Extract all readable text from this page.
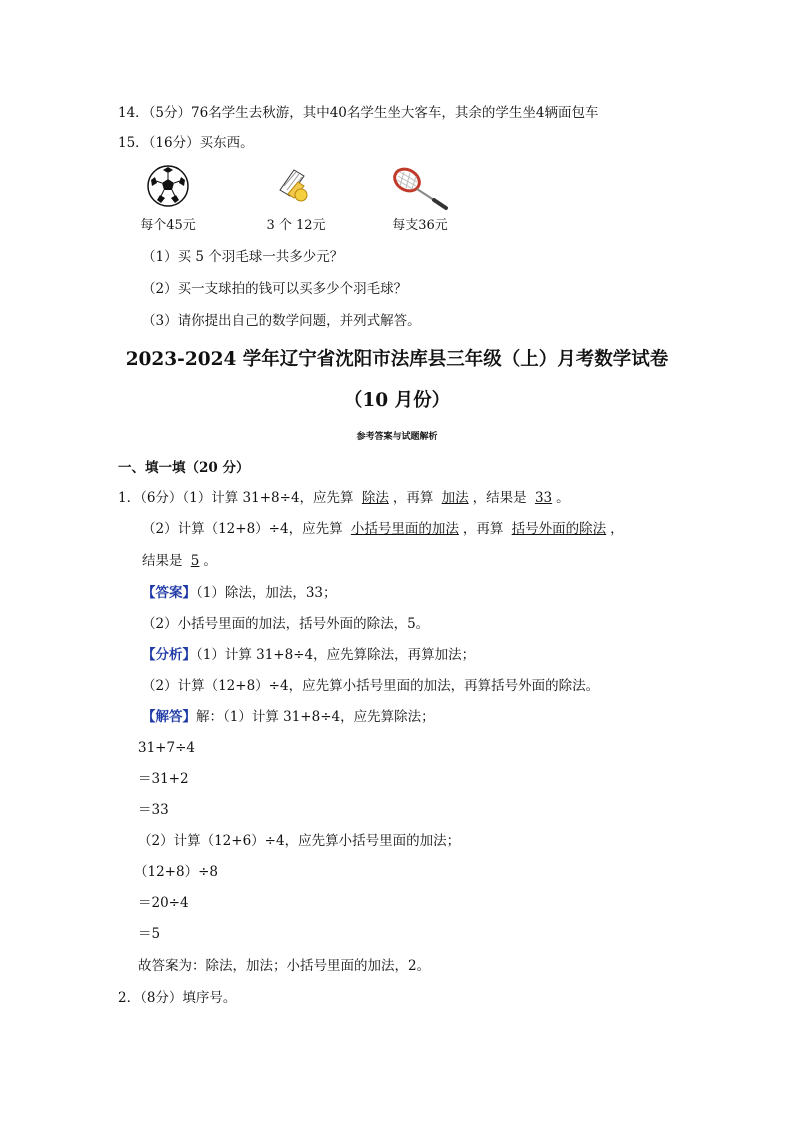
14．（5分）76名学生去秋游，其中40名学生坐大客车，其余的学生坐4辆面包车
15．（16分）买东西。
每个45元	3 个 12元	每支36元
（1）买 5 个羽毛球一共多少元？
（2）买一支球拍的钱可以买多少个羽毛球？
（3）请你提出自己的数学问题，并列式解答。
2023-2024 学年辽宁省沈阳市法库县三年级（上）月考数学试卷
（10 月份）
参考答案与试题解析
一、填一填（20 分）
1．（6分）（1）计算 31+8÷4，应先算 除法 ，再算 加法 ，结果是 33 。
（2）计算（12+8）÷4，应先算 小括号里面的加法 ，再算 括号外面的除法 ，
结果是 5 。
【答案】（1）除法，加法，33；
（2）小括号里面的加法，括号外面的除法，5。
【分析】（1）计算 31+8÷4，应先算除法，再算加法；
（2）计算（12+8）÷4，应先算小括号里面的加法，再算括号外面的除法。
【解答】解：（1）计算 31+8÷4，应先算除法；
31+7÷4
＝31+2
＝33
（2）计算（12+6）÷4，应先算小括号里面的加法；
（12+8）÷8
＝20÷4
＝5
故答案为：除法，加法；小括号里面的加法，2。
2．（8分）填序号。
